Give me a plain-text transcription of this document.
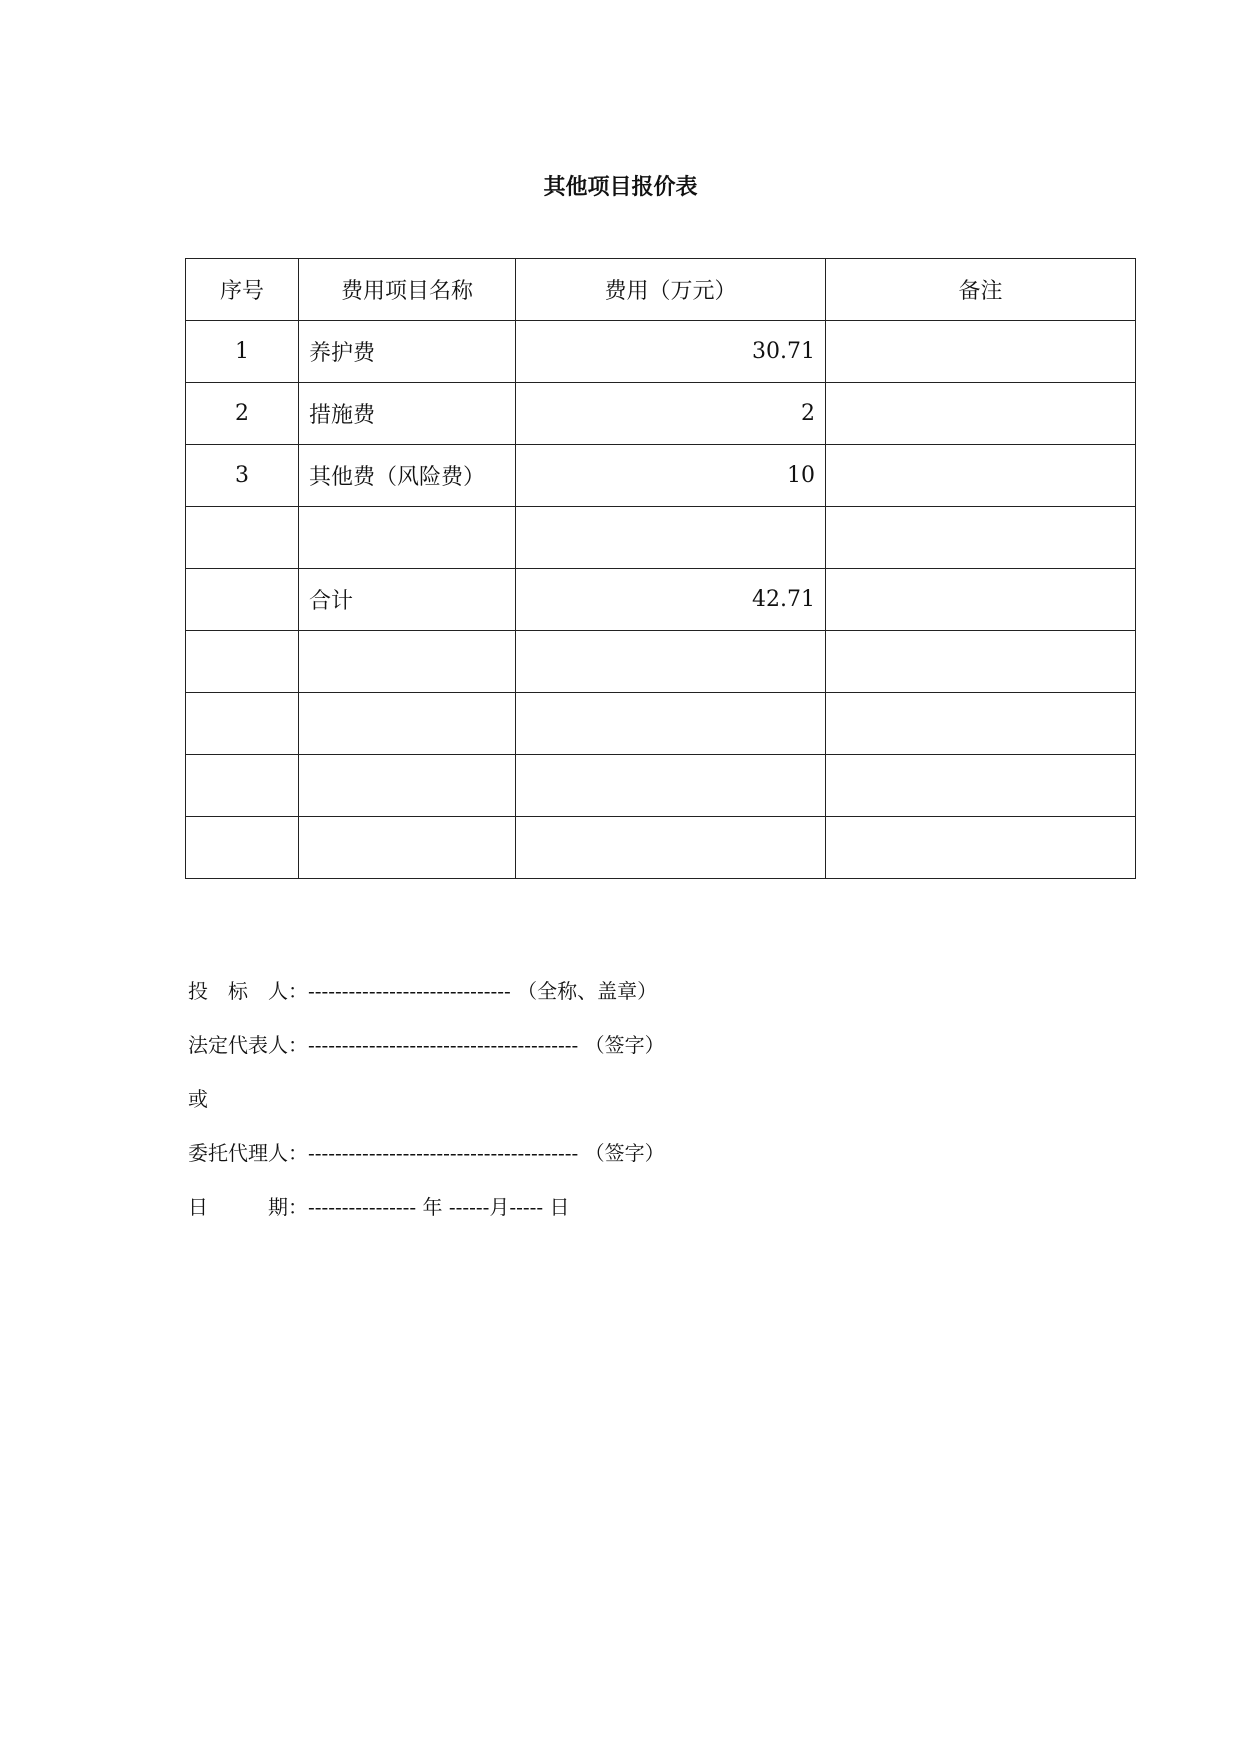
其他项目报价表
序号	费用项目名称	费用（万元）	备注
1	养护费	30.71	
2	措施费	2	
3	其他费（风险费）	10	

	合计	42.71	

投　标　人：------------------------------ （全称、盖章）
法定代表人：---------------------------------------- （签字）
或
委托代理人：---------------------------------------- （签字）
日　　　期：---------------- 年 ------月----- 日
